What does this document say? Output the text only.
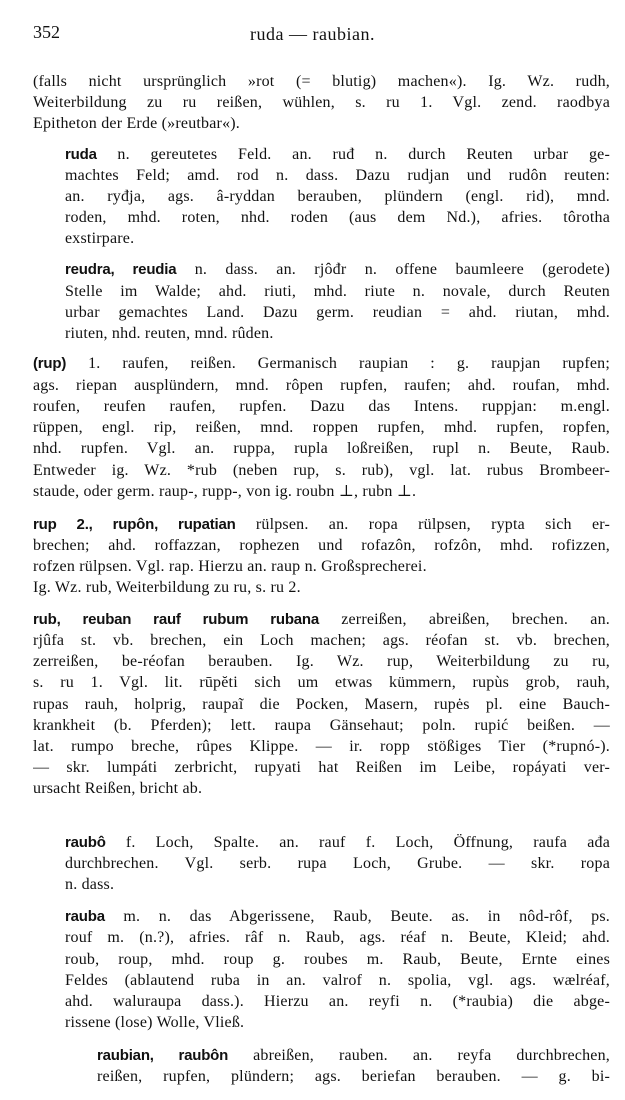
352	ruda — raubian.
(falls nicht ursprünglich »rot (= blutig) machen«). Ig. Wz. rudh,
Weiterbildung zu ru reißen, wühlen, s. ru 1. Vgl. zend. raodbya
Epitheton der Erde (»reutbar«).
ruda n. gereutetes Feld. an. ruđ n. durch Reuten urbar ge-
machtes Feld; amd. rod n. dass. Dazu rudjan und rudôn reuten:
an. ryđja, ags. â-ryddan berauben, plündern (engl. rid), mnd.
roden, mhd. roten, nhd. roden (aus dem Nd.), afries. tôrotha
exstirpare.
reudra, reudia n. dass. an. rjôđr n. offene baumleere (gerodete)
Stelle im Walde; ahd. riuti, mhd. riute n. novale, durch Reuten
urbar gemachtes Land. Dazu germ. reudian = ahd. riutan, mhd.
riuten, nhd. reuten, mnd. rûden.
(rup) 1. raufen, reißen. Germanisch raupian : g. raupjan rupfen;
ags. riepan ausplündern, mnd. rôpen rupfen, raufen; ahd. roufan, mhd.
roufen, reufen raufen, rupfen. Dazu das Intens. ruppjan: m.engl.
rüppen, engl. rip, reißen, mnd. roppen rupfen, mhd. rupfen, ropfen,
nhd. rupfen. Vgl. an. ruppa, rupla loßreißen, rupl n. Beute, Raub.
Entweder ig. Wz. *rub (neben rup, s. rub), vgl. lat. rubus Brombeer-
staude, oder germ. raup-, rupp-, von ig. roubn ⊥, rubn ⊥.
rup 2., rupôn, rupatian rülpsen. an. ropa rülpsen, rypta sich er-
brechen; ahd. roffazzan, rophezen und rofazôn, rofzôn, mhd. rofizzen,
rofzen rülpsen. Vgl. rap. Hierzu an. raup n. Großsprecherei.
Ig. Wz. rub, Weiterbildung zu ru, s. ru 2.
rub, reuban rauf rubum rubana zerreißen, abreißen, brechen. an.
rjûfa st. vb. brechen, ein Loch machen; ags. réofan st. vb. brechen,
zerreißen, be-réofan berauben. Ig. Wz. rup, Weiterbildung zu ru,
s. ru 1. Vgl. lit. rūpĕti sich um etwas kümmern, rupùs grob, rauh,
rupas rauh, holprig, raupaĩ die Pocken, Masern, rupės pl. eine Bauch-
krankheit (b. Pferden); lett. raupa Gänsehaut; poln. rupić beißen. —
lat. rumpo breche, rûpes Klippe. — ir. ropp stößiges Tier (*rupnó-).
— skr. lumpáti zerbricht, rupyati hat Reißen im Leibe, ropáyati ver-
ursacht Reißen, bricht ab.
raubô f. Loch, Spalte. an. rauf f. Loch, Öffnung, raufa ađa
durchbrechen. Vgl. serb. rupa Loch, Grube. — skr. ropa
n. dass.
rauba m. n. das Abgerissene, Raub, Beute. as. in nôd-rôf, ps.
rouf m. (n.?), afries. râf n. Raub, ags. réaf n. Beute, Kleid; ahd.
roub, roup, mhd. roup g. roubes m. Raub, Beute, Ernte eines
Feldes (ablautend ruba in an. valrof n. spolia, vgl. ags. wælréaf,
ahd. waluraupa dass.). Hierzu an. reyfi n. (*raubia) die abge-
rissene (lose) Wolle, Vließ.
raubian, raubôn abreißen, rauben. an. reyfa durchbrechen,
reißen, rupfen, plündern; ags. beriefan berauben. — g. bi-
